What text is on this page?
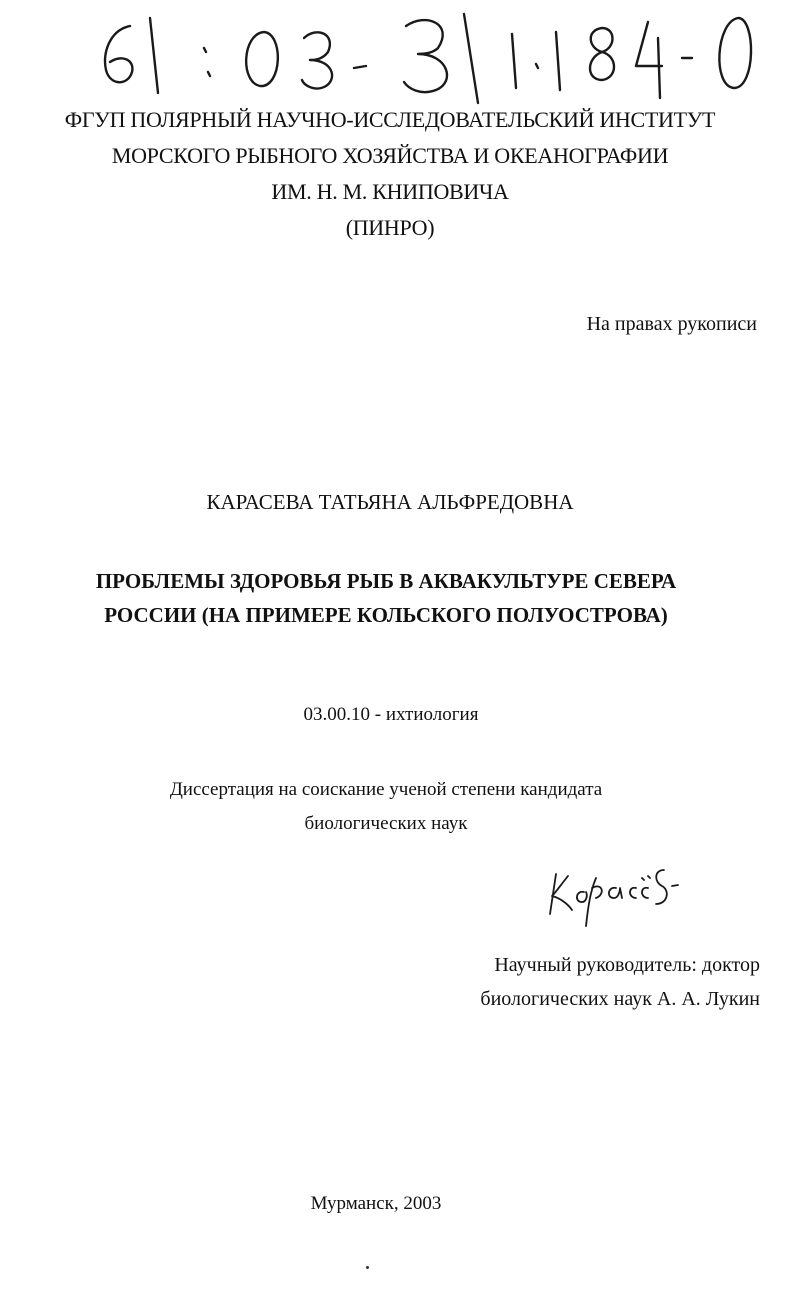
ФГУП ПОЛЯРНЫЙ НАУЧНО-ИССЛЕДОВАТЕЛЬСКИЙ ИНСТИТУТ
МОРСКОГО РЫБНОГО ХОЗЯЙСТВА И ОКЕАНОГРАФИИ
ИМ. Н. М. КНИПОВИЧА
(ПИНРО)
На правах рукописи
КАРАСЕВА ТАТЬЯНА АЛЬФРЕДОВНА
ПРОБЛЕМЫ ЗДОРОВЬЯ РЫБ В АКВАКУЛЬТУРЕ СЕВЕРА
РОССИИ (НА ПРИМЕРЕ КОЛЬСКОГО ПОЛУОСТРОВА)
03.00.10 - ихтиология
Диссертация на соискание ученой степени кандидата
биологических наук
Научный руководитель: доктор
биологических наук А. А. Лукин
Мурманск, 2003
